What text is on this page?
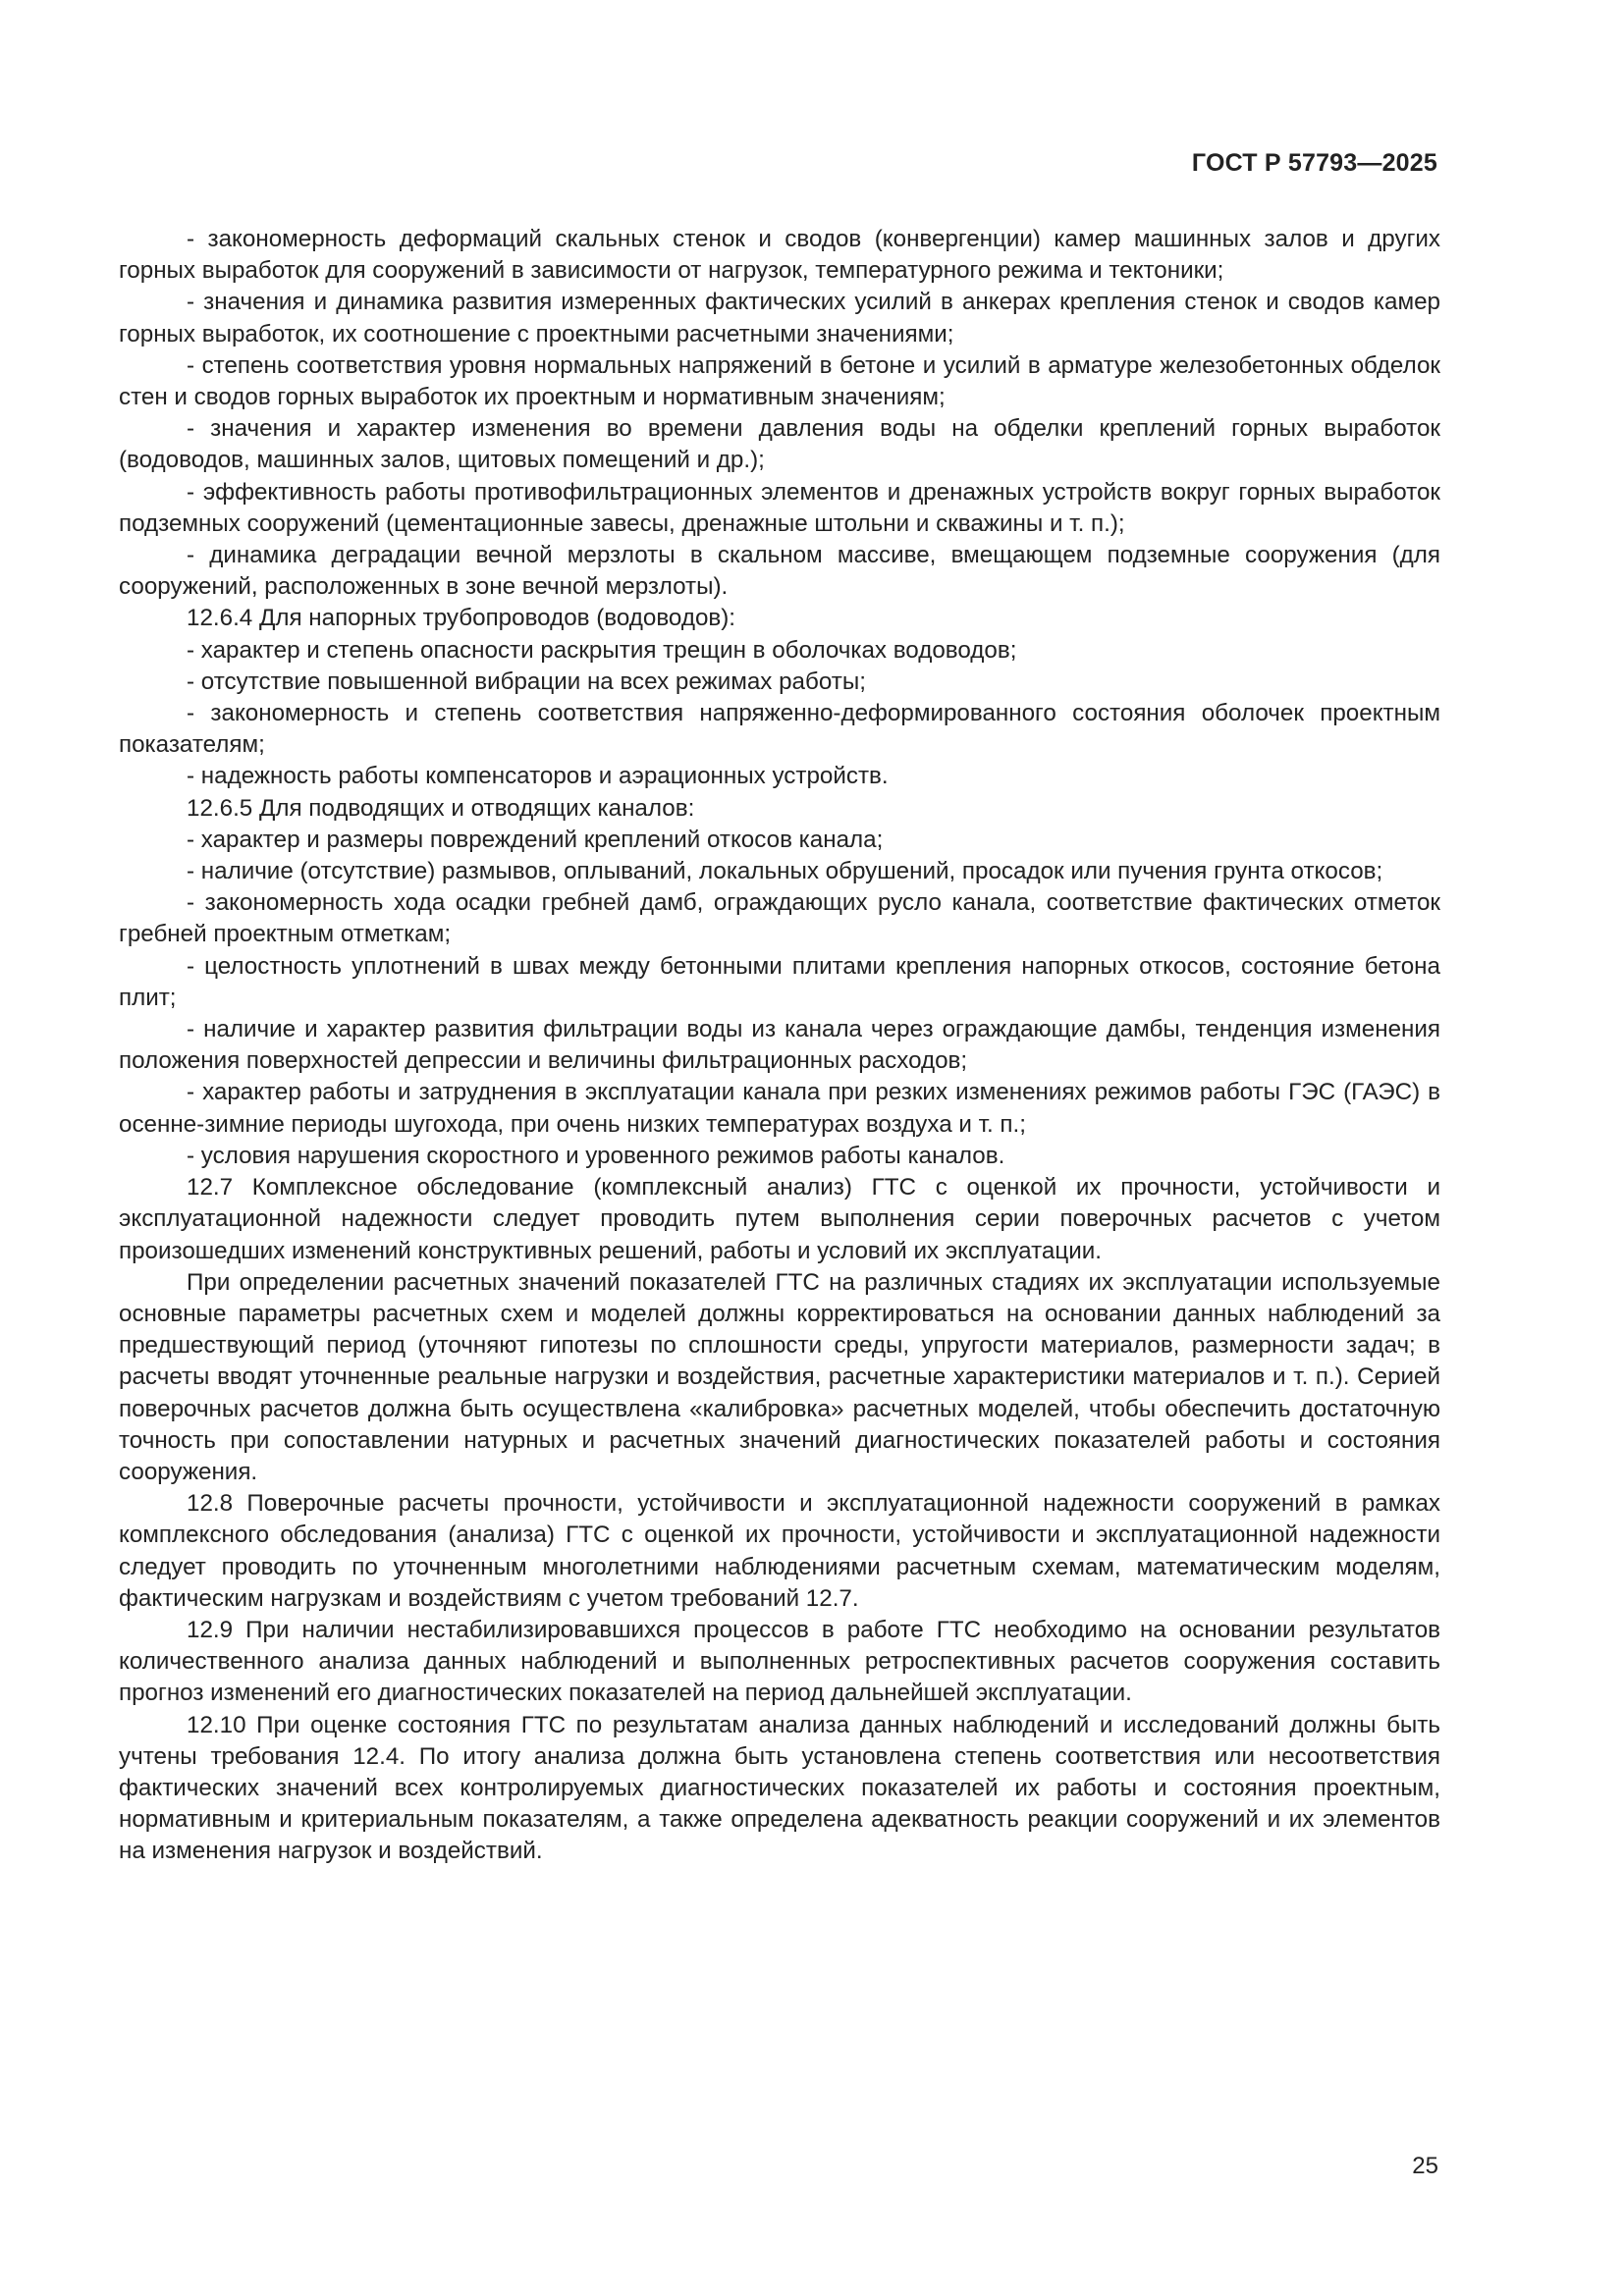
ГОСТ Р 57793—2025

- закономерность деформаций скальных стенок и сводов (конвергенции) камер машинных залов и других горных выработок для сооружений в зависимости от нагрузок, температурного режима и тектоники;

- значения и динамика развития измеренных фактических усилий в анкерах крепления стенок и сводов камер горных выработок, их соотношение с проектными расчетными значениями;

- степень соответствия уровня нормальных напряжений в бетоне и усилий в арматуре железобетонных обделок стен и сводов горных выработок их проектным и нормативным значениям;

- значения и характер изменения во времени давления воды на обделки креплений горных выработок (водоводов, машинных залов, щитовых помещений и др.);

- эффективность работы противофильтрационных элементов и дренажных устройств вокруг горных выработок подземных сооружений (цементационные завесы, дренажные штольни и скважины и т. п.);

- динамика деградации вечной мерзлоты в скальном массиве, вмещающем подземные сооружения (для сооружений, расположенных в зоне вечной мерзлоты).

12.6.4 Для напорных трубопроводов (водоводов):

- характер и степень опасности раскрытия трещин в оболочках водоводов;

- отсутствие повышенной вибрации на всех режимах работы;

- закономерность и степень соответствия напряженно-деформированного состояния оболочек проектным показателям;

- надежность работы компенсаторов и аэрационных устройств.

12.6.5 Для подводящих и отводящих каналов:

- характер и размеры повреждений креплений откосов канала;

- наличие (отсутствие) размывов, оплываний, локальных обрушений, просадок или пучения грунта откосов;

- закономерность хода осадки гребней дамб, ограждающих русло канала, соответствие фактических отметок гребней проектным отметкам;

- целостность уплотнений в швах между бетонными плитами крепления напорных откосов, состояние бетона плит;

- наличие и характер развития фильтрации воды из канала через ограждающие дамбы, тенденция изменения положения поверхностей депрессии и величины фильтрационных расходов;

- характер работы и затруднения в эксплуатации канала при резких изменениях режимов работы ГЭС (ГАЭС) в осенне-зимние периоды шугохода, при очень низких температурах воздуха и т. п.;

- условия нарушения скоростного и уровенного режимов работы каналов.

12.7 Комплексное обследование (комплексный анализ) ГТС с оценкой их прочности, устойчивости и эксплуатационной надежности следует проводить путем выполнения серии поверочных расчетов с учетом произошедших изменений конструктивных решений, работы и условий их эксплуатации.

При определении расчетных значений показателей ГТС на различных стадиях их эксплуатации используемые основные параметры расчетных схем и моделей должны корректироваться на основании данных наблюдений за предшествующий период (уточняют гипотезы по сплошности среды, упругости материалов, размерности задач; в расчеты вводят уточненные реальные нагрузки и воздействия, расчетные характеристики материалов и т. п.). Серией поверочных расчетов должна быть осуществлена «калибровка» расчетных моделей, чтобы обеспечить достаточную точность при сопоставлении натурных и расчетных значений диагностических показателей работы и состояния сооружения.

12.8 Поверочные расчеты прочности, устойчивости и эксплуатационной надежности сооружений в рамках комплексного обследования (анализа) ГТС с оценкой их прочности, устойчивости и эксплуатационной надежности следует проводить по уточненным многолетними наблюдениями расчетным схемам, математическим моделям, фактическим нагрузкам и воздействиям с учетом требований 12.7.

12.9 При наличии нестабилизировавшихся процессов в работе ГТС необходимо на основании результатов количественного анализа данных наблюдений и выполненных ретроспективных расчетов сооружения составить прогноз изменений его диагностических показателей на период дальнейшей эксплуатации.

12.10 При оценке состояния ГТС по результатам анализа данных наблюдений и исследований должны быть учтены требования 12.4. По итогу анализа должна быть установлена степень соответствия или несоответствия фактических значений всех контролируемых диагностических показателей их работы и состояния проектным, нормативным и критериальным показателям, а также определена адекватность реакции сооружений и их элементов на изменения нагрузок и воздействий.

25
